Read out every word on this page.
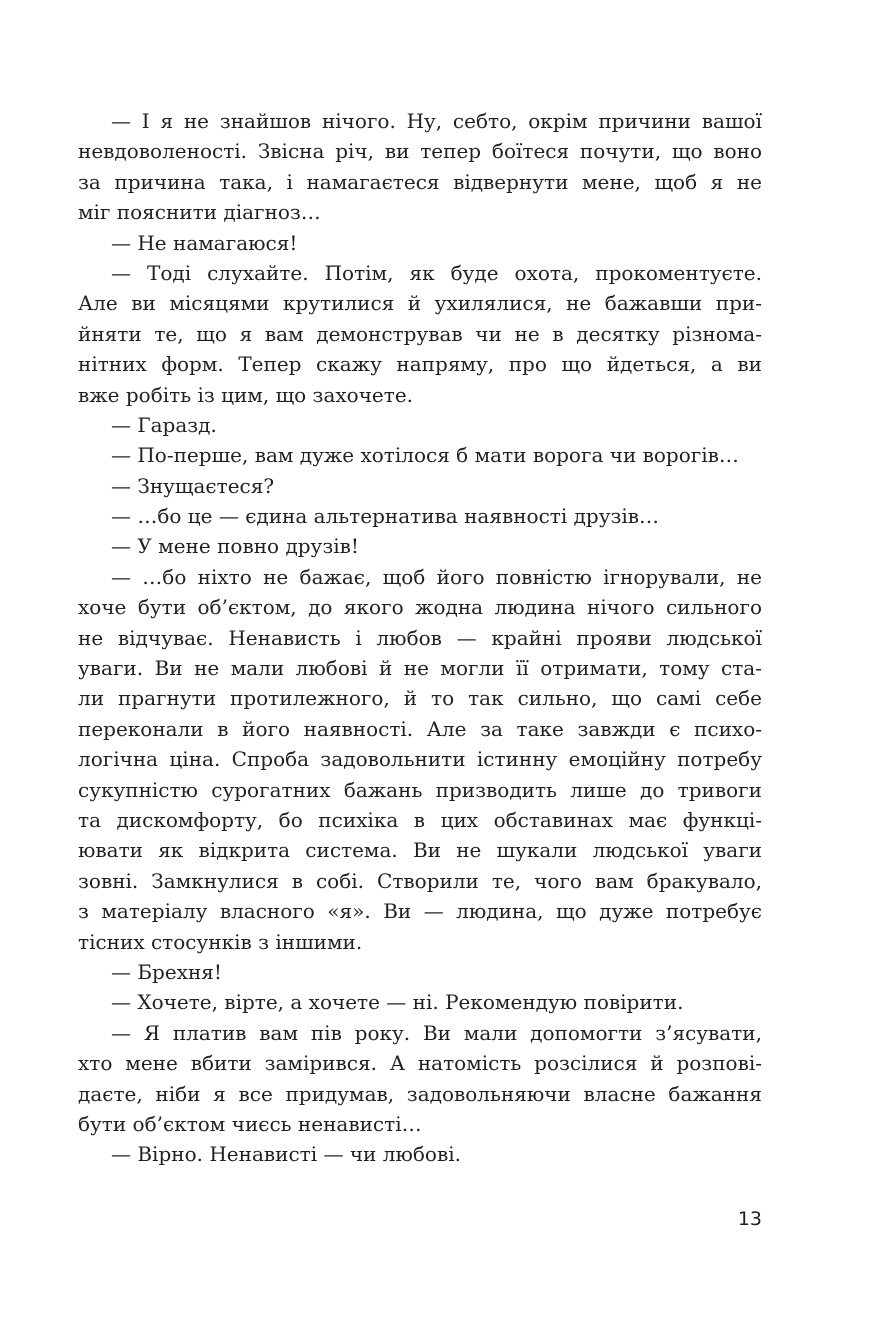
— І я не знайшов нічого. Ну, себто, окрім причини вашої
невдоволеності. Звісна річ, ви тепер боїтеся почути, що воно
за причина така, і намагаєтеся відвернути мене, щоб я не
міг пояснити діагноз…
— Не намагаюся!
— Тоді слухайте. Потім, як буде охота, прокоментуєте.
Але ви місяцями крутилися й ухилялися, не бажавши при-
йняти те, що я вам демонстрував чи не в десятку різнома-
нітних форм. Тепер скажу напряму, про що йдеться, а ви
вже робіть із цим, що захочете.
— Гаразд.
— По-перше, вам дуже хотілося б мати ворога чи ворогів…
— Знущаєтеся?
— …бо це — єдина альтернатива наявності друзів…
— У мене повно друзів!
— …бо ніхто не бажає, щоб його повністю ігнорували, не
хоче бути об’єктом, до якого жодна людина нічого сильного
не відчуває. Ненависть і любов — крайні прояви людської
уваги. Ви не мали любові й не могли її отримати, тому ста-
ли прагнути протилежного, й то так сильно, що самі себе
переконали в його наявності. Але за таке завжди є психо-
логічна ціна. Спроба задовольнити істинну емоційну потребу
сукупністю сурогатних бажань призводить лише до тривоги
та дискомфорту, бо психіка в цих обставинах має функці-
ювати як відкрита система. Ви не шукали людської уваги
зовні. Замкнулися в собі. Створили те, чого вам бракувало,
з матеріалу власного «я». Ви — людина, що дуже потребує
тісних стосунків з іншими.
— Брехня!
— Хочете, вірте, а хочете — ні. Рекомендую повірити.
— Я платив вам пів року. Ви мали допомогти з’ясувати,
хто мене вбити замірився. А натомість розсілися й розпові-
даєте, ніби я все придумав, задовольняючи власне бажання
бути об’єктом чиєсь ненависті…
— Вірно. Ненависті — чи любові.
13
